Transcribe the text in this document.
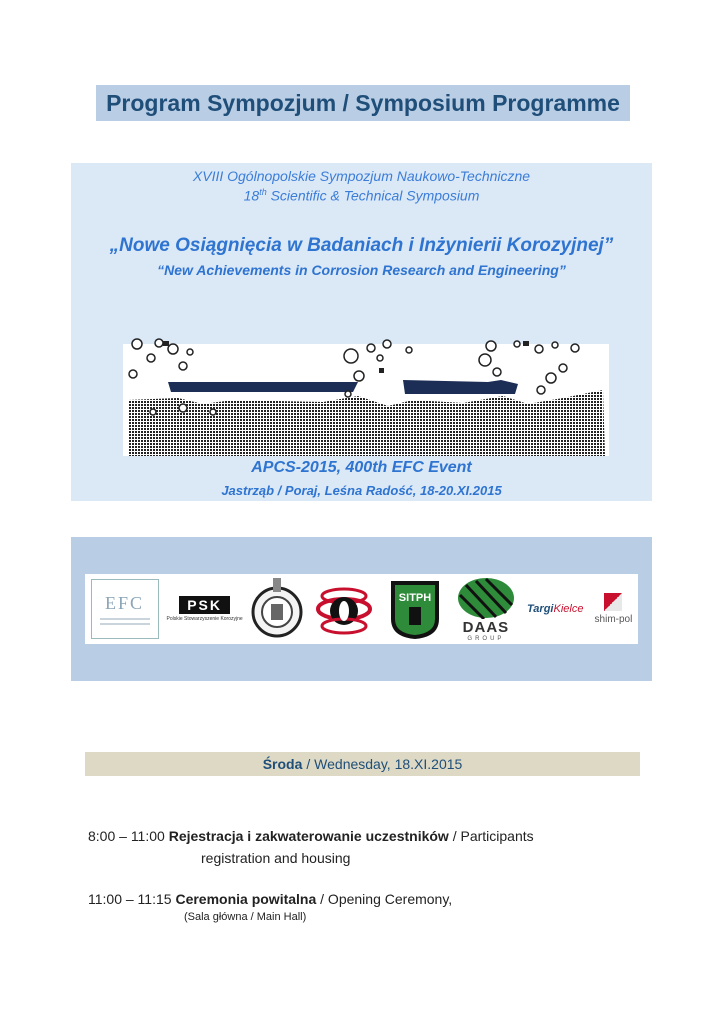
Program Sympozjum / Symposium Programme
XVIII Ogólnopolskie Sympozjum Naukowo-Techniczne
18th Scientific & Technical Symposium
„Nowe Osiągnięcia w Badaniach i Inżynierii Korozyjnej”
“New Achievements in Corrosion Research and Engineering”
APCS-2015, 400th EFC Event
Jastrząb / Poraj, Leśna Radość, 18-20.XI.2015
EFC	PSK
Polskie Stowarzyszenie Korozyjne
SITPH
DAAS
GROUP
Targi Kielce
shim-pol
Środa / Wednesday, 18.XI.2015
8:00 – 11:00 Rejestracja i zakwaterowanie uczestników / Participants
registration and housing
11:00 – 11:15 Ceremonia powitalna / Opening Ceremony,
(Sala główna / Main Hall)
